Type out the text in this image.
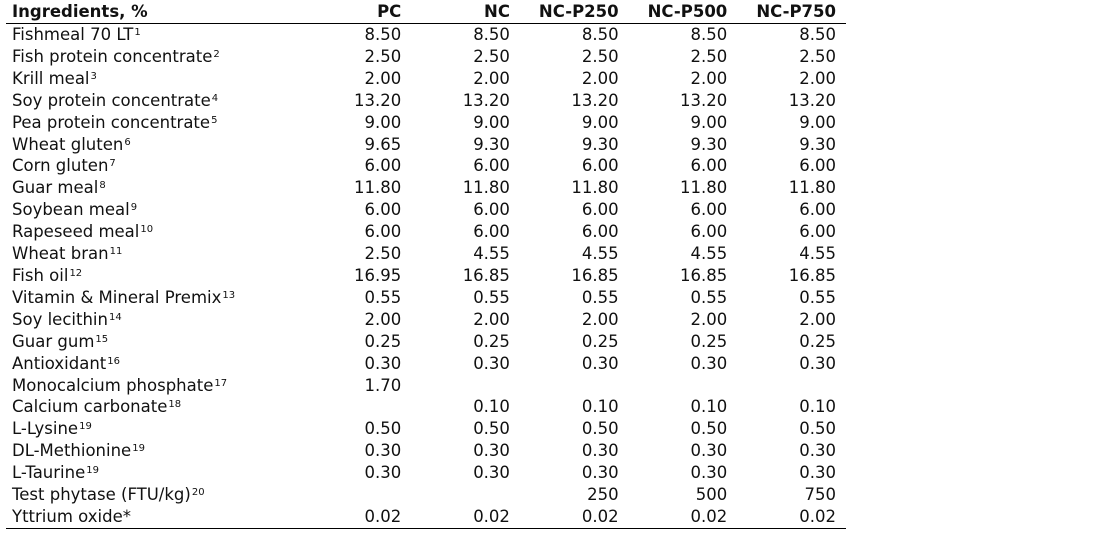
Ingredients, %	PC	NC	NC-P250	NC-P500	NC-P750
Fishmeal 70 $LT^1$	8.50	8.50	8.50	8.50	8.50
Fish protein concentrate$^2$	2.50	2.50	2.50	2.50	2.50
Krill meal$^3$	2.00	2.00	2.00	2.00	2.00
Soy protein concentrate$^4$	13.20	13.20	13.20	13.20	13.20
Pea protein concentrate$^5$	9.00	9.00	9.00	9.00	9.00
Wheat gluten$^6$	9.65	9.30	9.30	9.30	9.30
Corn gluten$^7$	6.00	6.00	6.00	6.00	6.00
Guar meal$^8$	11.80	11.80	11.80	11.80	11.80
Soybean meal$^9$	6.00	6.00	6.00	6.00	6.00
Rapeseed meal$^{10}$	6.00	6.00	6.00	6.00	6.00
Wheat bran$^{11}$	2.50	4.55	4.55	4.55	4.55
Fish oil$^{12}$	16.95	16.85	16.85	16.85	16.85
Vitamin & Mineral Premix$^{13}$	0.55	0.55	0.55	0.55	0.55
Soy lecithin$^{14}$	2.00	2.00	2.00	2.00	2.00
Guar gum$^{15}$	0.25	0.25	0.25	0.25	0.25
Antioxidant$^{16}$	0.30	0.30	0.30	0.30	0.30
Monocalcium phosphate$^{17}$	1.70				
Calcium carbonate$^{18}$		0.10	0.10	0.10	0.10
L-Lysine$^{19}$	0.50	0.50	0.50	0.50	0.50
DL-Methionine$^{19}$	0.30	0.30	0.30	0.30	0.30
L-Taurine$^{19}$	0.30	0.30	0.30	0.30	0.30
Test phytase $(FTU/kg)^{20}$			250	500	750
Yttrium oxide*	0.02	0.02	0.02	0.02	0.02
